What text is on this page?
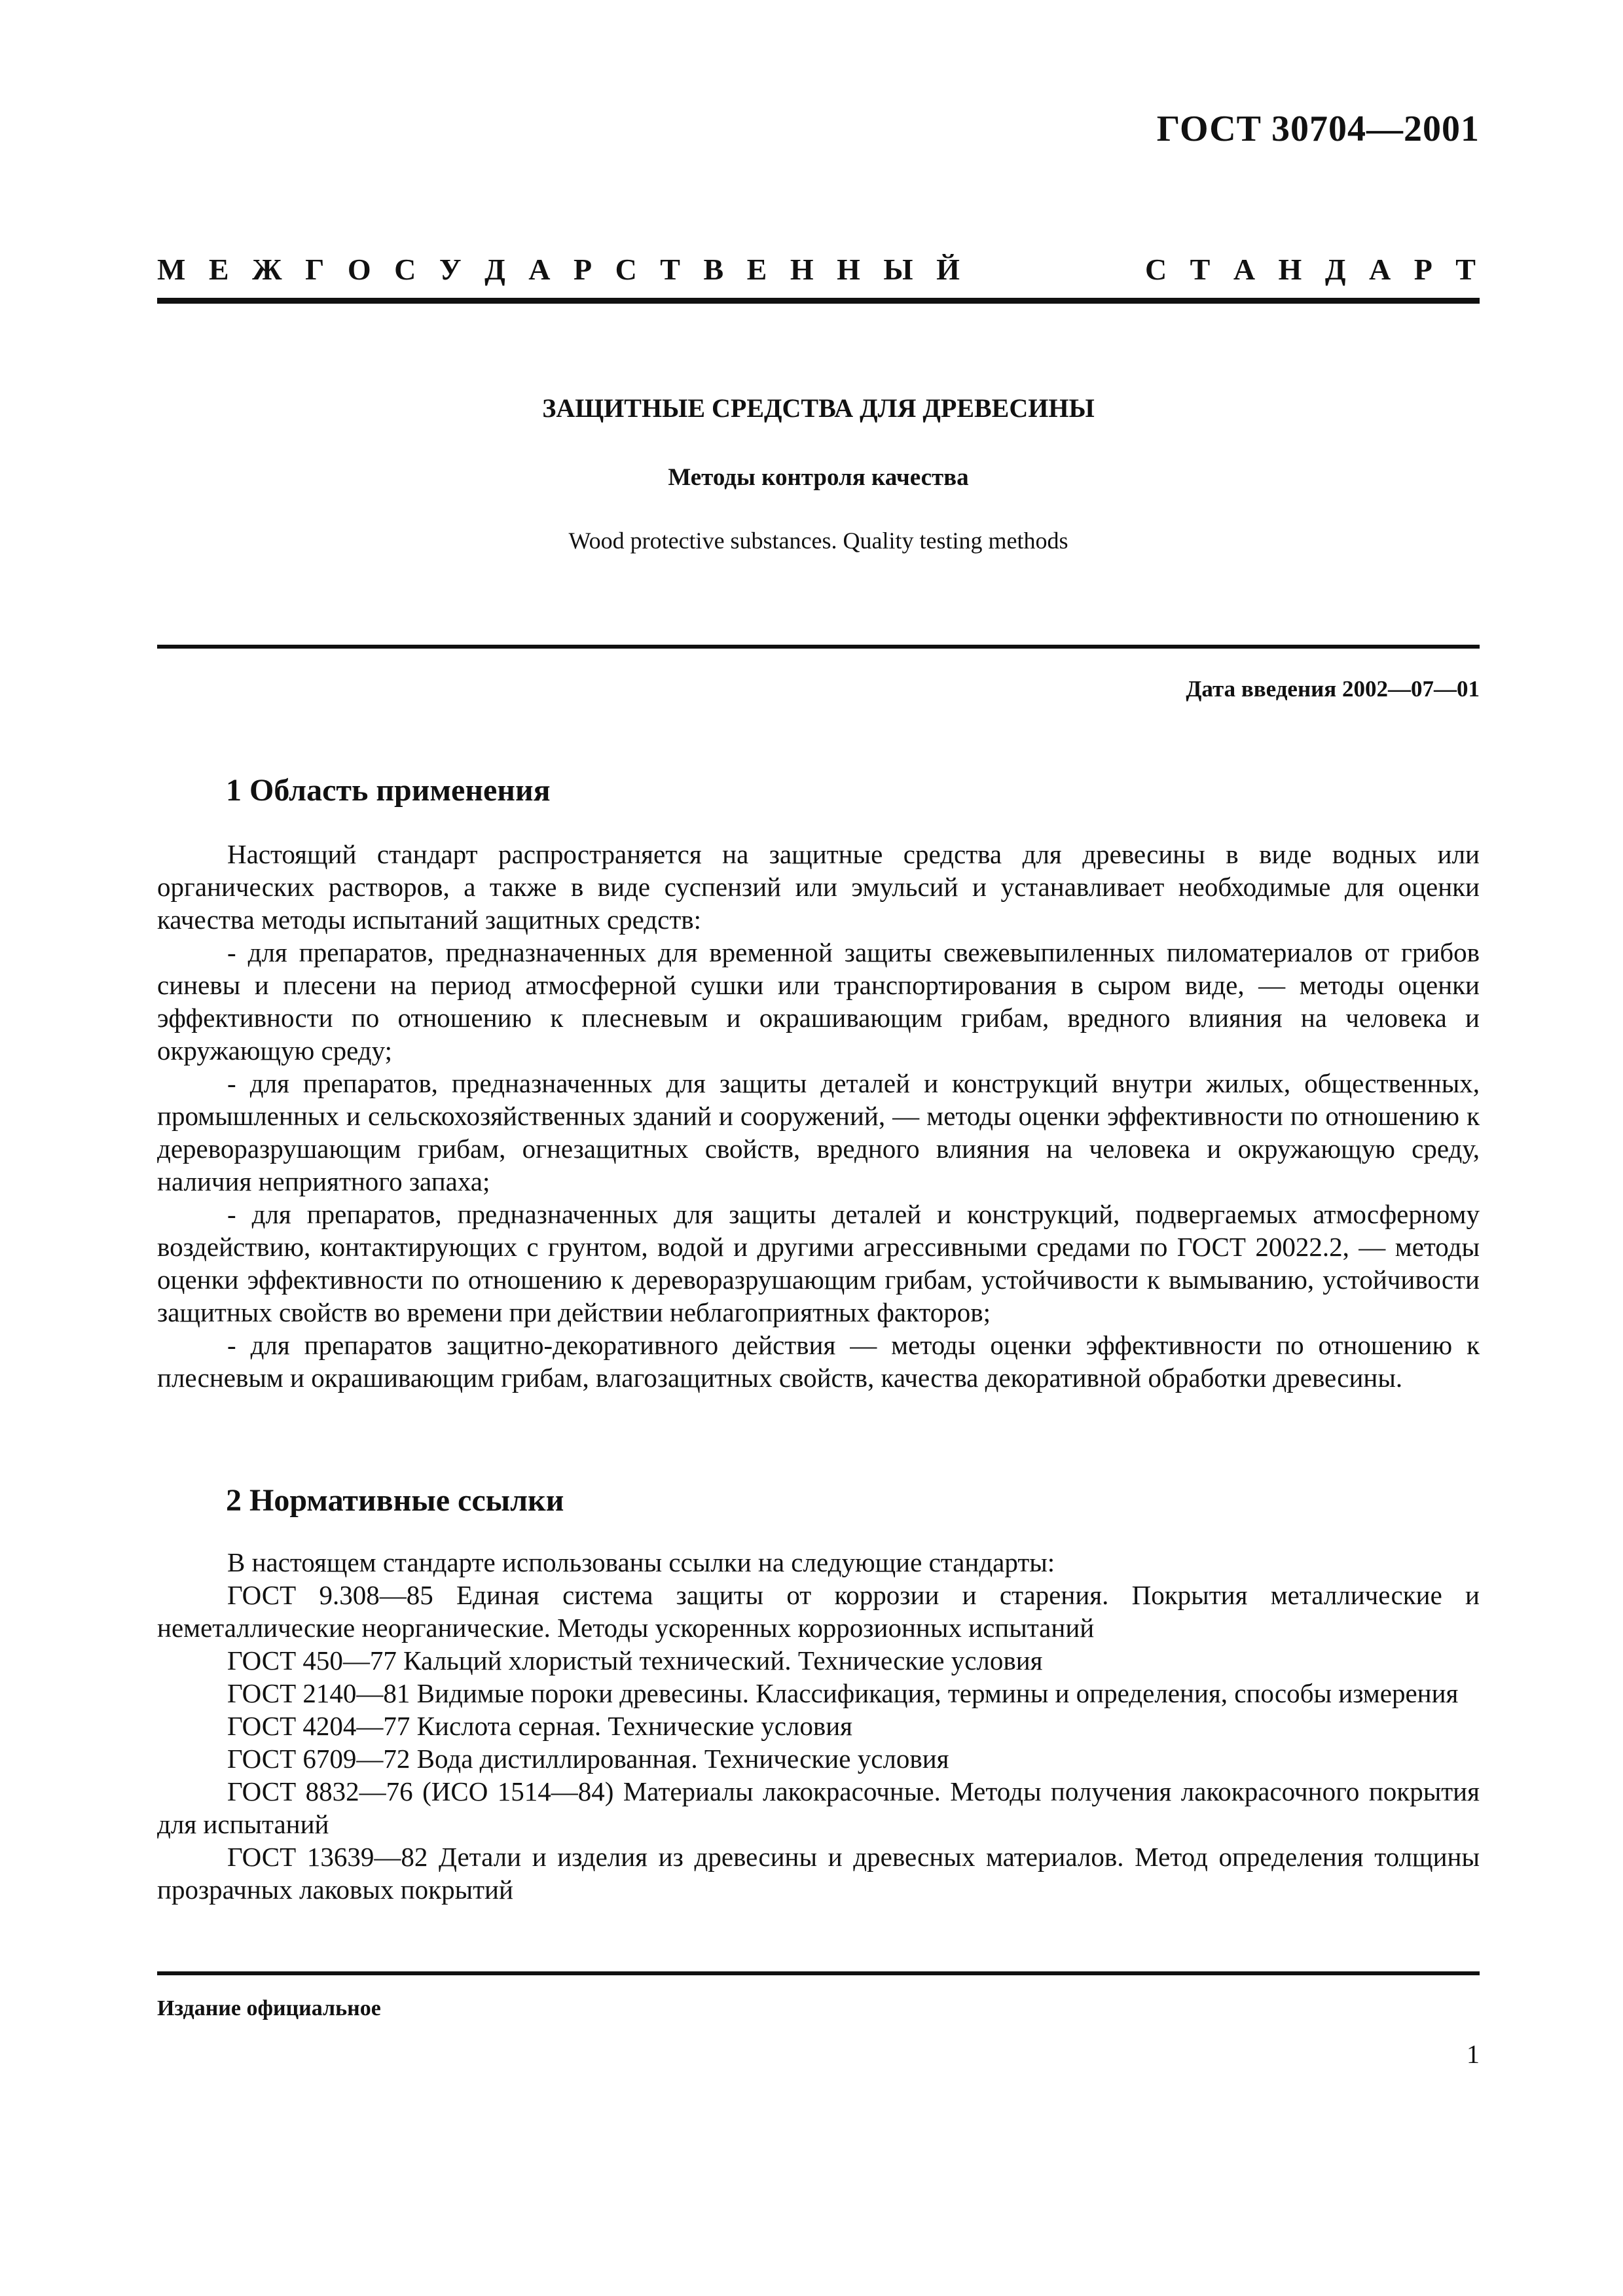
ГОСТ 30704—2001
М Е Ж Г О С У Д А Р С Т В Е Н Н Ы Й	С Т А Н Д А Р Т
ЗАЩИТНЫЕ СРЕДСТВА ДЛЯ ДРЕВЕСИНЫ
Методы контроля качества
Wood protective substances. Quality testing methods
Дата введения 2002—07—01
1 Область применения

Настоящий стандарт распространяется на защитные средства для древесины в виде водных или органических растворов, а также в виде суспензий или эмульсий и устанавливает необходимые для оценки качества методы испытаний защитных средств:

- для препаратов, предназначенных для временной защиты свежевыпиленных пиломатериалов от грибов синевы и плесени на период атмосферной сушки или транспортирования в сыром виде, — методы оценки эффективности по отношению к плесневым и окрашивающим грибам, вредного влияния на человека и окружающую среду;

- для препаратов, предназначенных для защиты деталей и конструкций внутри жилых, общественных, промышленных и сельскохозяйственных зданий и сооружений, — методы оценки эффективности по отношению к дереворазрушающим грибам, огнезащитных свойств, вредного влияния на человека и окружающую среду, наличия неприятного запаха;

- для препаратов, предназначенных для защиты деталей и конструкций, подвергаемых атмосферному воздействию, контактирующих с грунтом, водой и другими агрессивными средами по ГОСТ 20022.2, — методы оценки эффективности по отношению к дереворазрушающим грибам, устойчивости к вымыванию, устойчивости защитных свойств во времени при действии неблагоприятных факторов;

- для препаратов защитно-декоративного действия — методы оценки эффективности по отношению к плесневым и окрашивающим грибам, влагозащитных свойств, качества декоративной обработки древесины.

2 Нормативные ссылки

В настоящем стандарте использованы ссылки на следующие стандарты:

ГОСТ 9.308—85 Единая система защиты от коррозии и старения. Покрытия металлические и неметаллические неорганические. Методы ускоренных коррозионных испытаний

ГОСТ 450—77 Кальций хлористый технический. Технические условия

ГОСТ 2140—81 Видимые пороки древесины. Классификация, термины и определения, способы измерения

ГОСТ 4204—77 Кислота серная. Технические условия

ГОСТ 6709—72 Вода дистиллированная. Технические условия

ГОСТ 8832—76 (ИСО 1514—84) Материалы лакокрасочные. Методы получения лакокрасочного покрытия для испытаний

ГОСТ 13639—82 Детали и изделия из древесины и древесных материалов. Метод определения толщины прозрачных лаковых покрытий

Издание официальное
1
